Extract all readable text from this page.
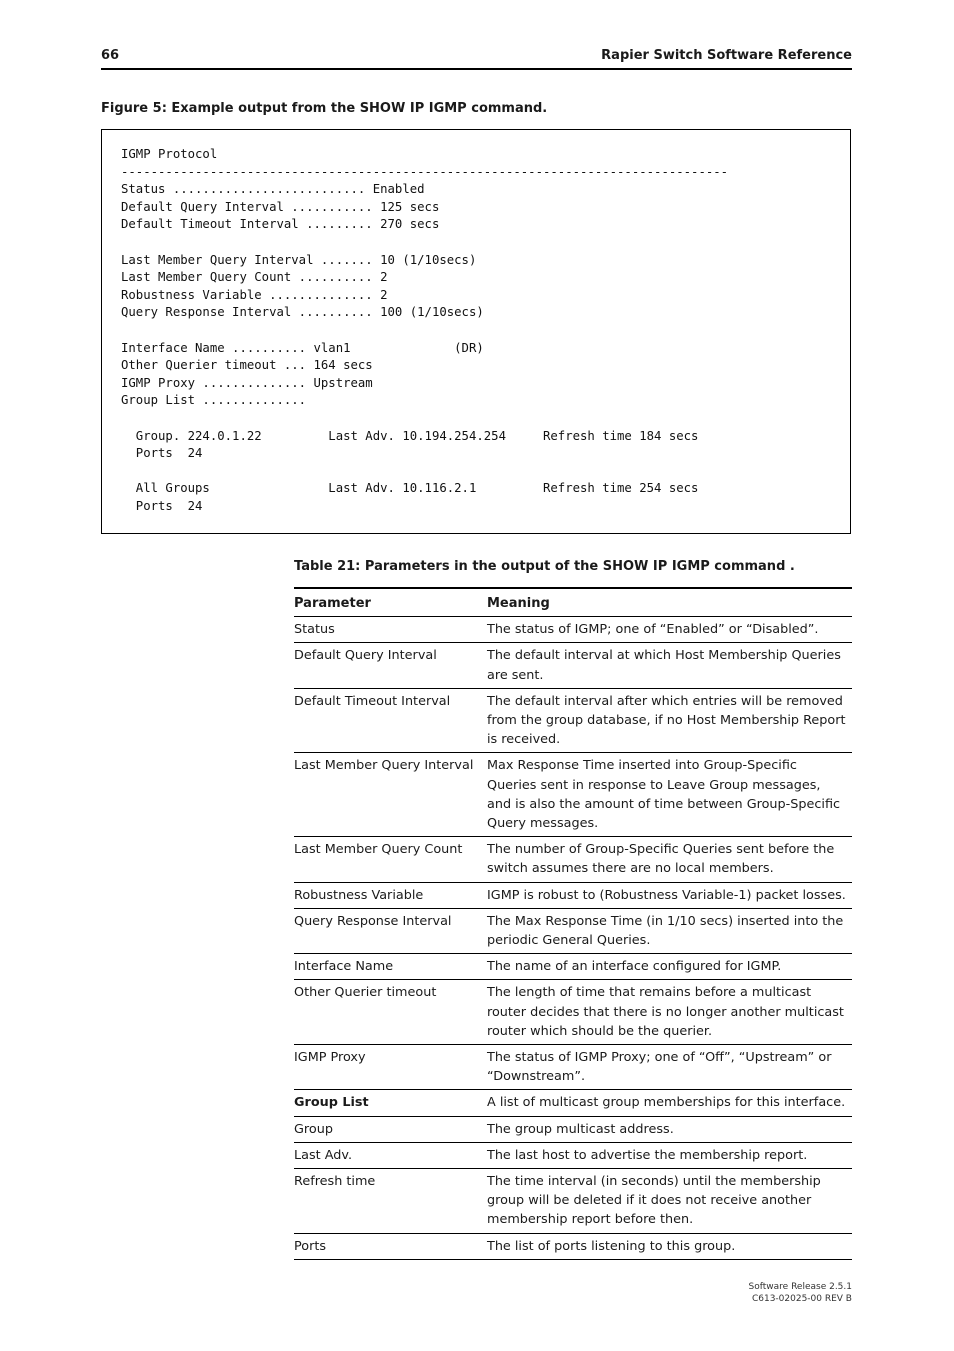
66	Rapier Switch Software Reference
Figure 5: Example output from the SHOW IP IGMP command.
IGMP Protocol
----------------------------------------------------------------------------------
Status .......................... Enabled
Default Query Interval ........... 125 secs
Default Timeout Interval ......... 270 secs

Last Member Query Interval ....... 10 (1/10secs)
Last Member Query Count .......... 2
Robustness Variable .............. 2
Query Response Interval .......... 100 (1/10secs)

Interface Name .......... vlan1              (DR)
Other Querier timeout ... 164 secs
IGMP Proxy .............. Upstream
Group List ..............

Group. 224.0.1.22         Last Adv. 10.194.254.254     Refresh time 184 secs
Ports  24

All Groups                Last Adv. 10.116.2.1         Refresh time 254 secs
Ports  24
Table 21: Parameters in the output of the SHOW IP IGMP command .
Parameter	Meaning
Status	The status of IGMP; one of “Enabled” or “Disabled”.
Default Query Interval	The default interval at which Host Membership Queries are sent.
Default Timeout Interval	The default interval after which entries will be removed from the group database, if no Host Membership Report is received.
Last Member Query Interval	Max Response Time inserted into Group-Specific Queries sent in response to Leave Group messages, and is also the amount of time between Group-Specific Query messages.
Last Member Query Count	The number of Group-Specific Queries sent before the switch assumes there are no local members.
Robustness Variable	IGMP is robust to (Robustness Variable-1) packet losses.
Query Response Interval	The Max Response Time (in 1/10 secs) inserted into the periodic General Queries.
Interface Name	The name of an interface configured for IGMP.
Other Querier timeout	The length of time that remains before a multicast router decides that there is no longer another multicast router which should be the querier.
IGMP Proxy	The status of IGMP Proxy; one of “Off”, “Upstream” or “Downstream”.
Group List	A list of multicast group memberships for this interface.
Group	The group multicast address.
Last Adv.	The last host to advertise the membership report.
Refresh time	The time interval (in seconds) until the membership group will be deleted if it does not receive another membership report before then.
Ports	The list of ports listening to this group.
Software Release 2.5.1
C613-02025-00 REV B
